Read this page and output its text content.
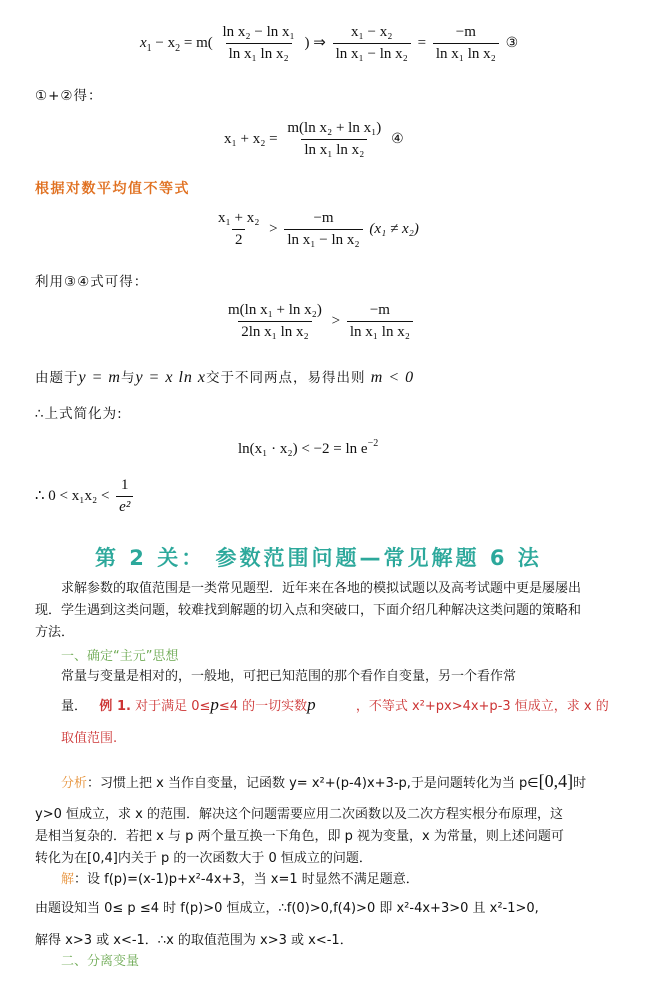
$x_1 - x_2 = m( \frac{\text{ln x₂ − ln x₁}}{\text{ln x₁ ln x₂}}$ ) ⇒ $\frac{\text{x₁ − x₂}}{\text{ln x₁ − ln x₂}} = \frac{-m}{\text{ln x₁ ln x₂}}$ ③
①+②得：
$x_1 + x_2 = \frac{\text{m(ln x₂ + ln x₁)}}{\text{ln x₁ ln x₂}}$ ④
根据对数平均值不等式
$\frac{\text{x₁ + x₂}}{2} > \frac{-m}{\text{ln x₁ − ln x₂}} (x_1 \ne x_2)$
利用③④式可得：
$\frac{\text{m(ln x₁ + ln x₂)}}{\text{2ln x₁ ln x₂}} > \frac{-m}{\text{ln x₁ ln x₂}}$
由题于y = m与y = x ln x交于不同两点，易得出则 m < 0
∴上式简化为:
$\ln(x_1 \cdot x_2) < -2 = \ln e^{-2}$
∴ $0 < x_1x_2 < \frac{1}{\text{e²}}$
第 2 关： 参数范围问题—常见解题 6 法
求解参数的取值范围是一类常见题型．近年来在各地的模拟试题以及高考试题中更是屡屡出现．学生遇到这类问题，较难找到解题的切入点和突破口，下面介绍几种解决这类问题的策略和方法．
一、确定“主元”思想
常量与变量是相对的，一般地，可把已知范围的那个看作自变量，另一个看作常
量． 例 1. 对于满足 0≤p≤4 的一切实数p	，不等式 x²+px>4x+p-3 恒成立，求 x 的
取值范围.
分析：习惯上把 x 当作自变量，记函数 y= x²+(p-4)x+3-p,于是问题转化为当 p∈[0,4]时
y>0 恒成立，求 x 的范围．解决这个问题需要应用二次函数以及二次方程实根分布原理，这
是相当复杂的．若把 x 与 p 两个量互换一下角色，即 p 视为变量，x 为常量，则上述问题可
转化为在[0,4]内关于 p 的一次函数大于 0 恒成立的问题．
解：设 f(p)=(x-1)p+x²-4x+3，当 x=1 时显然不满足题意．
由题设知当 0≤ p ≤4 时 f(p)>0 恒成立，∴f(0)>0,f(4)>0 即 x²-4x+3>0 且 x²-1>0,
解得 x>3 或 x<-1．∴x 的取值范围为 x>3 或 x<-1．
二、分离变量
